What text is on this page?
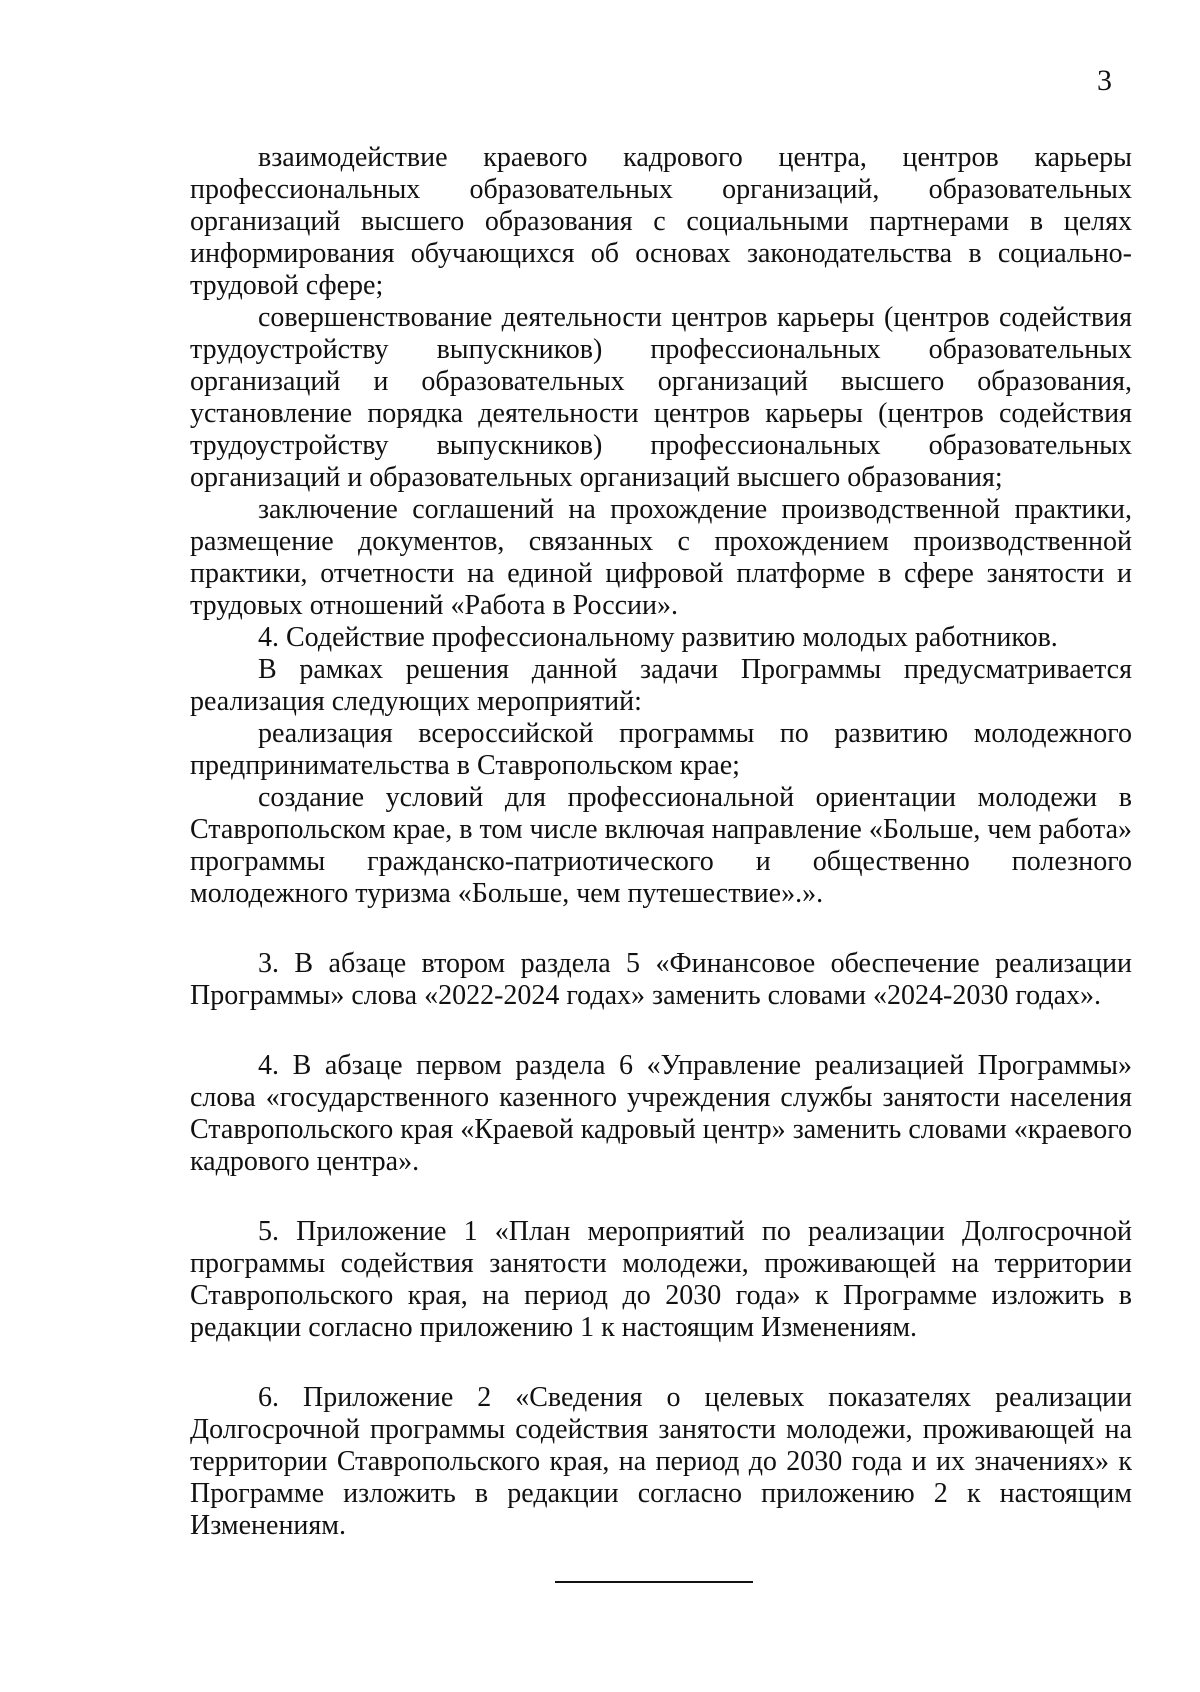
3

взаимодействие краевого кадрового центра, центров карьеры профессиональных образовательных организаций, образовательных организаций высшего образования с социальными партнерами в целях информирования обучающихся об основах законодательства в социально-трудовой сфере;

совершенствование деятельности центров карьеры (центров содействия трудоустройству выпускников) профессиональных образовательных организаций и образовательных организаций высшего образования, установление порядка деятельности центров карьеры (центров содействия трудоустройству выпускников) профессиональных образовательных организаций и образовательных организаций высшего образования;

заключение соглашений на прохождение производственной практики, размещение документов, связанных с прохождением производственной практики, отчетности на единой цифровой платформе в сфере занятости и трудовых отношений «Работа в России».

4. Содействие профессиональному развитию молодых работников.

В рамках решения данной задачи Программы предусматривается реализация следующих мероприятий:

реализация всероссийской программы по развитию молодежного предпринимательства в Ставропольском крае;

создание условий для профессиональной ориентации молодежи в Ставропольском крае, в том числе включая направление «Больше, чем работа» программы гражданско-патриотического и общественно полезного молодежного туризма «Больше, чем путешествие».».

3. В абзаце втором раздела 5 «Финансовое обеспечение реализации Программы» слова «2022-2024 годах» заменить словами «2024-2030 годах».

4. В абзаце первом раздела 6 «Управление реализацией Программы» слова «государственного казенного учреждения службы занятости населения Ставропольского края «Краевой кадровый центр» заменить словами «краевого кадрового центра».

5. Приложение 1 «План мероприятий по реализации Долгосрочной программы содействия занятости молодежи, проживающей на территории Ставропольского края, на период до 2030 года» к Программе изложить в редакции согласно приложению 1 к настоящим Изменениям.

6. Приложение 2 «Сведения о целевых показателях реализации Долгосрочной программы содействия занятости молодежи, проживающей на территории Ставропольского края, на период до 2030 года и их значениях» к Программе изложить в редакции согласно приложению 2 к настоящим Изменениям.
